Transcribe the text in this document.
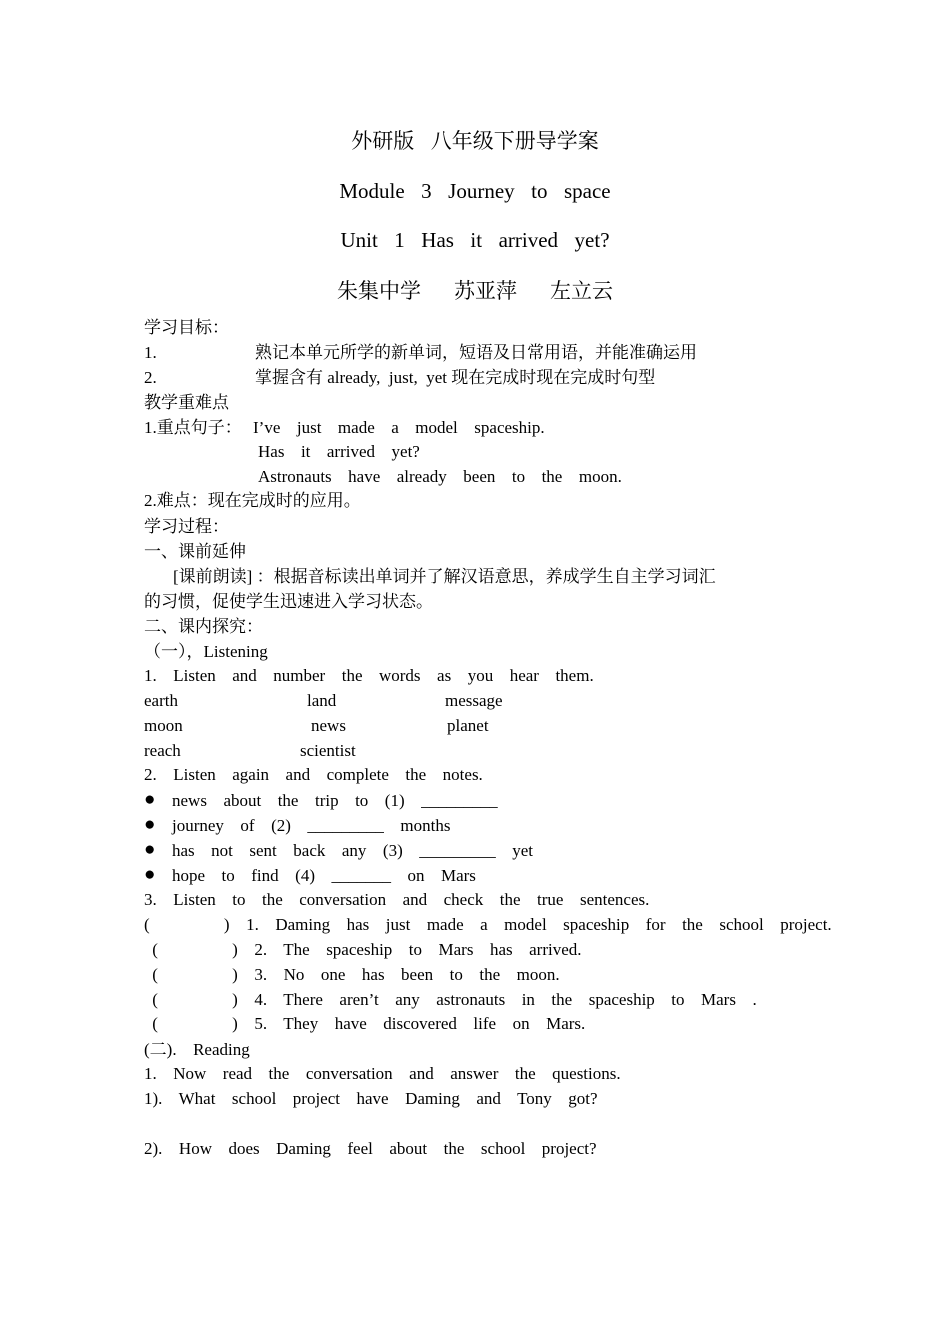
外研版  八年级下册导学案
Module  3  Journey  to  space
Unit  1  Has  it  arrived  yet?
朱集中学    苏亚萍    左立云
学习目标：
1.	熟记本单元所学的新单词，短语及日常用语，并能准确运用
2.	掌握含有 already,  just,  yet 现在完成时现在完成时句型
教学重难点
1.重点句子： I’ve  just  made  a  model  spaceship.
Has  it  arrived  yet?
Astronauts  have  already  been  to  the  moon.
2.难点：现在完成时的应用。
学习过程：
一、课前延伸
[课前朗读] ：根据音标读出单词并了解汉语意思，养成学生自主学习词汇
的习惯，促使学生迅速进入学习状态。
二、课内探究：
（一），Listening
1.  Listen  and  number  the  words  as  you  hear  them.
earth	land	message
moon	news	planet
reach	scientist
2.  Listen  again  and  complete  the  notes.
● news  about  the  trip  to  (1)  _________
● journey  of  (2)  _________  months
● has  not  sent  back  any  (3)  _________  yet
● hope  to  find  (4)  _______  on  Mars
3.  Listen  to  the  conversation  and  check  the  true  sentences.
(         )  1.  Daming  has  just  made  a  model  spaceship  for  the  school  project.
(         )  2.  The  spaceship  to  Mars  has  arrived.
(         )  3.  No  one  has  been  to  the  moon.
(         )  4.  There  aren’t  any  astronauts  in  the  spaceship  to  Mars  .
(         )  5.  They  have  discovered  life  on  Mars.
(二).  Reading
1.  Now  read  the  conversation  and  answer  the  questions.
1).  What  school  project  have  Daming  and  Tony  got?
2).  How  does  Daming  feel  about  the  school  project?
